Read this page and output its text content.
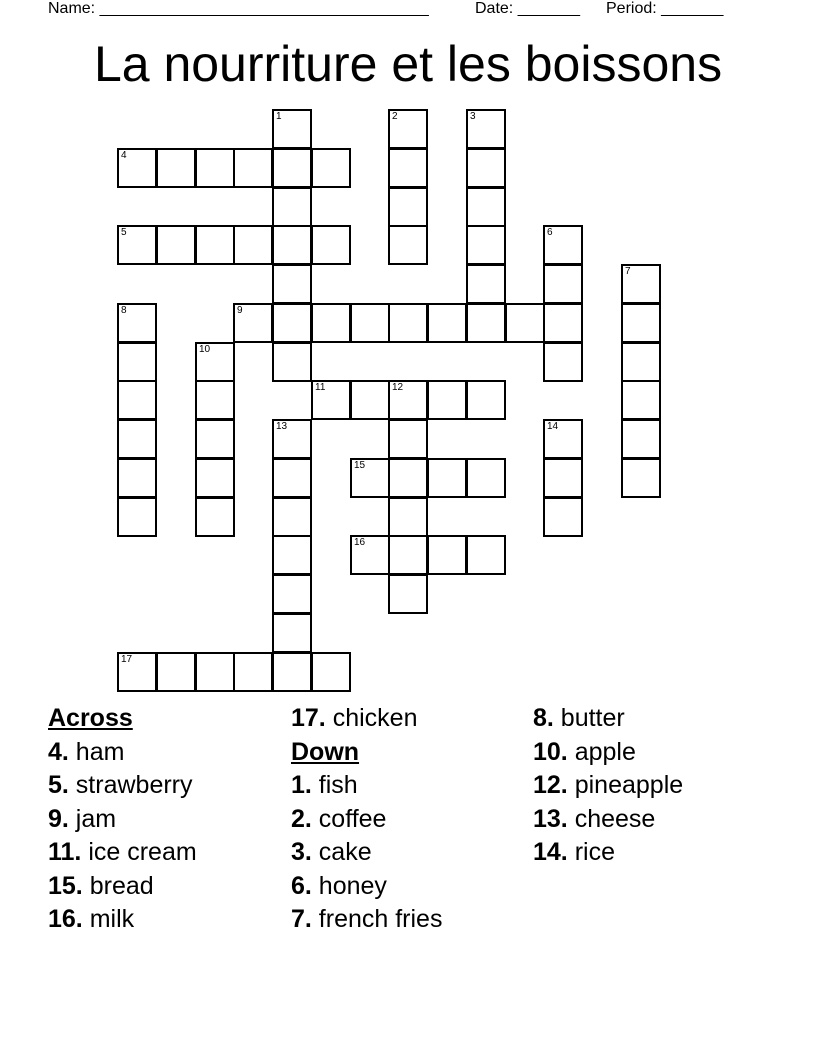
Name: _____________________________________	Date: _______ Period: _______
La nourriture et les boissons
1	2	3
4
5	6
7
8	9
10
11	12
13	14
15
16
17
Across
4. ham
5. strawberry
9. jam
11. ice cream
15. bread
16. milk
17. chicken
Down
1. fish
2. coffee
3. cake
6. honey
7. french fries
8. butter
10. apple
12. pineapple
13. cheese
14. rice
